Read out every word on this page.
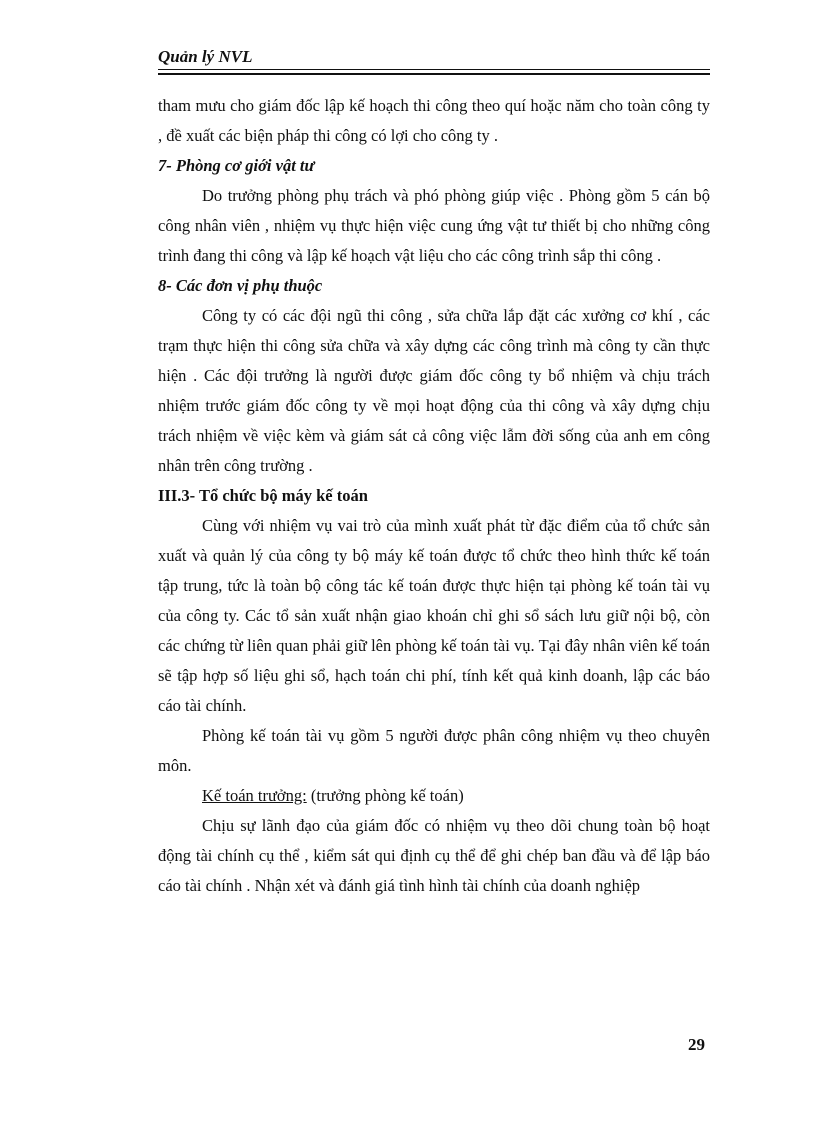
Quản lý NVL

tham mưu cho giám đốc lập kế hoạch thi công theo quí hoặc năm cho toàn công ty , đề xuất các biện pháp thi công có lợi cho công ty .

7- Phòng cơ giới vật tư

Do trưởng phòng phụ trách và phó phòng giúp việc . Phòng gồm 5 cán bộ công nhân viên , nhiệm vụ thực hiện việc cung ứng vật tư thiết bị cho những công trình đang thi công và lập kế hoạch vật liệu cho các công trình sắp thi công .

8- Các đơn vị phụ thuộc

Công ty có các đội ngũ thi công , sửa chữa lắp đặt các xưởng cơ khí , các trạm thực hiện thi công sửa chữa và xây dựng các công trình mà công ty cần thực hiện . Các đội trưởng là người được giám đốc công ty bổ nhiệm và chịu trách nhiệm trước giám đốc công ty về mọi hoạt động của thi công và xây dựng chịu trách nhiệm về việc kèm và giám sát cả công việc lẫm đời sống của anh em công nhân trên công trường .

III.3- Tổ chức bộ máy kế toán

Cùng với nhiệm vụ vai trò của mình xuất phát từ đặc điểm của tổ chức sản xuất và quản lý của công ty bộ máy kế toán được tổ chức theo hình thức kế toán tập trung, tức là toàn bộ công tác kế toán được thực hiện tại phòng kế toán tài vụ của công ty. Các tổ sản xuất nhận giao khoán chỉ ghi sổ sách lưu giữ nội bộ, còn các chứng từ liên quan phải giữ lên phòng kế toán tài vụ. Tại đây nhân viên kế toán sẽ tập hợp số liệu ghi sổ, hạch toán chi phí, tính kết quả kinh doanh, lập các báo cáo tài chính.

Phòng kế toán tài vụ gồm 5 người được phân công nhiệm vụ theo chuyên môn.

Kế toán trưởng: (trưởng phòng kế toán)

Chịu sự lãnh đạo của giám đốc có nhiệm vụ theo dõi chung toàn bộ hoạt động tài chính cụ thể , kiểm sát qui định cụ thể để ghi chép ban đầu và để lập báo cáo tài chính . Nhận xét và đánh giá tình hình tài chính của doanh nghiệp

29
